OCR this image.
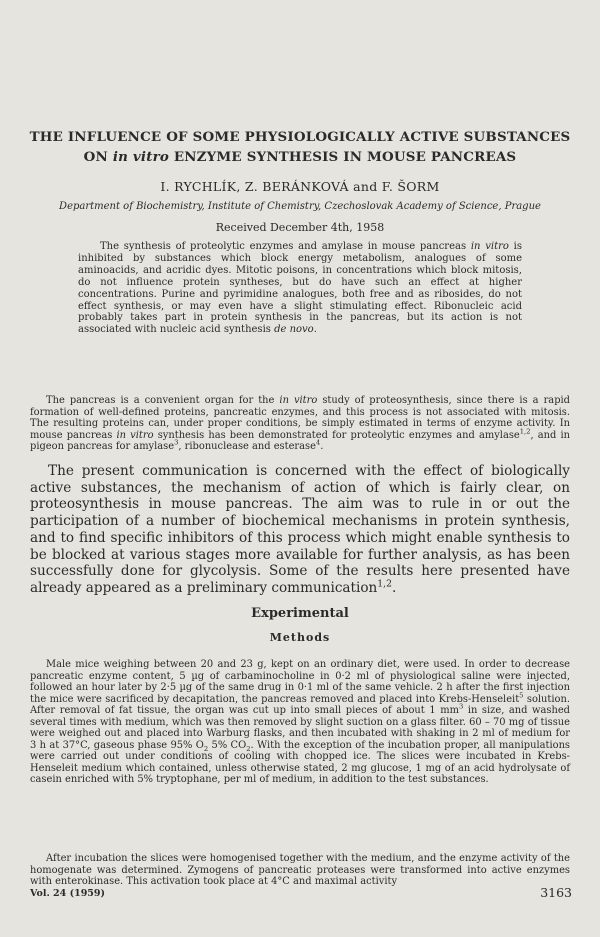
THE INFLUENCE OF SOME PHYSIOLOGICALLY ACTIVE SUBSTANCES
ON in vitro ENZYME SYNTHESIS IN MOUSE PANCREAS

I. RYCHLÍK, Z. BERÁNKOVÁ and F. ŠORM

Department of Biochemistry, Institute of Chemistry, Czechoslovak Academy of Science, Prague

Received December 4th, 1958

The synthesis of proteolytic enzymes and amylase in mouse pancreas in vitro is inhibited by substances which block energy metabolism, analogues of some aminoacids, and acridic dyes. Mitotic poisons, in concentrations which block mitosis, do not influence protein syntheses, but do have such an effect at higher concentrations. Purine and pyrimidine analogues, both free and as ribosides, do not effect synthesis, or may even have a slight stimulating effect. Ribonucleic acid probably takes part in protein synthesis in the pancreas, but its action is not associated with nucleic acid synthesis de novo.

The pancreas is a convenient organ for the in vitro study of proteosynthesis, since there is a rapid formation of well-defined proteins, pancreatic enzymes, and this process is not associated with mitosis. The resulting proteins can, under proper conditions, be simply estimated in terms of enzyme activity. In mouse pancreas in vitro synthesis has been demonstrated for proteolytic enzymes and amylase$^{1,2}$, and in pigeon pancreas for amylase$^3$, ribonuclease and esterase$^4$.

The present communication is concerned with the effect of biologically active substances, the mechanism of action of which is fairly clear, on proteosynthesis in mouse pancreas. The aim was to rule in or out the participation of a number of biochemical mechanisms in protein synthesis, and to find specific inhibitors of this process which might enable synthesis to be blocked at various stages more available for further analysis, as has been successfully done for glycolysis. Some of the results here presented have already appeared as a preliminary communication$^{1,2}$.

Experimental
Methods

Male mice weighing between 20 and 23 g, kept on an ordinary diet, were used. In order to decrease pancreatic enzyme content, 5 µg of carbaminocholine in 0·2 ml of physiological saline were injected, followed an hour later by 2·5 µg of the same drug in 0·1 ml of the same vehicle. 2 h after the first injection the mice were sacrificed by decapitation, the pancreas removed and placed into Krebs-Henseleit$^5$ solution. After removal of fat tissue, the organ was cut up into small pieces of about 1 $mm^3$ in size, and washed several times with medium, which was then removed by slight suction on a glass filter. 60 – 70 mg of tissue were weighed out and placed into Warburg flasks, and then incubated with shaking in 2 ml of medium for 3 h at 37°C, gaseous phase 95% $O_2$ 5% $CO_2$. With the exception of the incubation proper, all manipulations were carried out under conditions of cooling with chopped ice. The slices were incubated in Krebs-Henseleit medium which contained, unless otherwise stated, 2 mg glucose, 1 mg of an acid hydrolysate of casein enriched with 5% tryptophane, per ml of medium, in addition to the test substances.

After incubation the slices were homogenised together with the medium, and the enzyme activity of the homogenate was determined. Zymogens of pancreatic proteases were transformed into active enzymes with enterokinase. This activation took place at 4°C and maximal activity

Vol. 24 (1959)	3163
